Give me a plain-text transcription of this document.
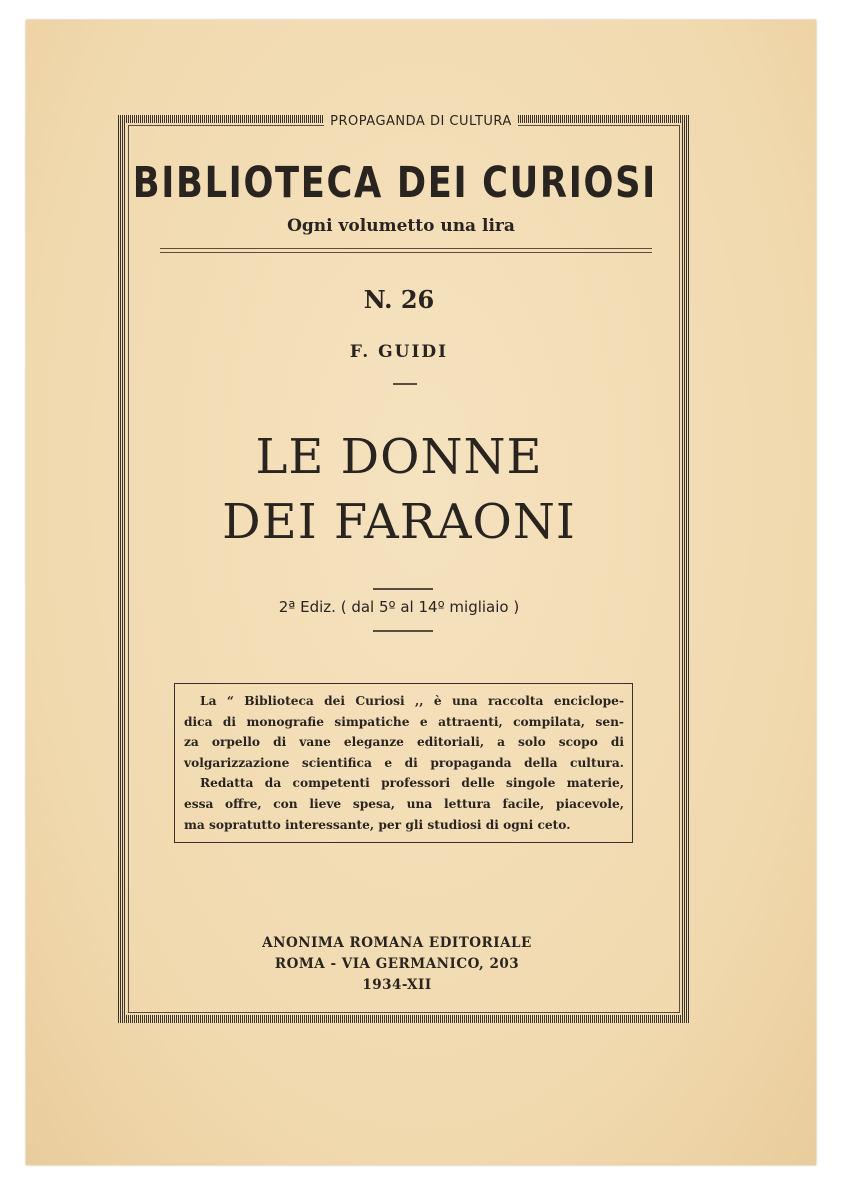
PROPAGANDA DI CULTURA
BIBLIOTECA DEI CURIOSI
Ogni volumetto una lira
N. 26
F. GUIDI
LE DONNE
DEI FARAONI
2ª Ediz. ( dal 5º al 14º migliaio )
La “ Biblioteca dei Curiosi ,, è una raccolta enciclope-
dica di monografie simpatiche e attraenti, compilata, sen-
za orpello di vane eleganze editoriali, a solo scopo di
volgarizzazione scientifica e di propaganda della cultura.
Redatta da competenti professori delle singole materie,
essa offre, con lieve spesa, una lettura facile, piacevole,
ma sopratutto interessante, per gli studiosi di ogni ceto.
ANONIMA ROMANA EDITORIALE
ROMA - VIA GERMANICO, 203
1934-XII
